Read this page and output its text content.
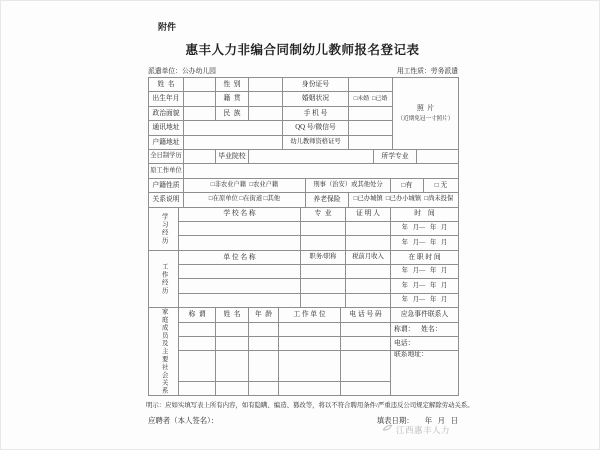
附件
惠丰人力非编合同制幼儿教师报名登记表
派遣单位：公办幼儿园	用工性质：劳务派遣
姓  名		性  别		身份证号		照  片
（近期免冠一寸照片）

出生年月		籍  贯		婚姻状况	□未婚  □已婚	
政治面貌		民  族		手 机 号		
通讯地址				QQ 号/微信号		
户籍地址				幼儿教师资格证号		
全日制学历		毕业院校		所学专业	
原工作单位	
户籍性质	□非农业户籍  □农业户籍	刑事（治安）或其他处分	□有	□ 无
关系说明	□在原单位 □在街道 □其他	养老保险	□已办城镇  □已办小城镇  □尚未投保
学习经历	学 校 名 称	专  业	证 明 人	时    间
				年   月—   年   月
				年   月—   年   月
工作经历	单 位 名 称	职务/职称	税前月收入	在 职 时 间
				年   月—   年   月
				年   月—   年   月
				年   月—   年   月
家庭成员及主要社会关系	称  谓	姓  名	年  龄	工 作 单 位	电 话 号 码	应急事件联系人
						称谓：    姓名：
						电话：
						联系地址：

明示：应如实填写表上所有内容，如有隐瞒、编造、篡改等，将以不符合聘用条件/严重违反公司规定解除劳动关系。
应聘者（本人签名）：	填表日期：      年   月   日
江西惠丰人力
